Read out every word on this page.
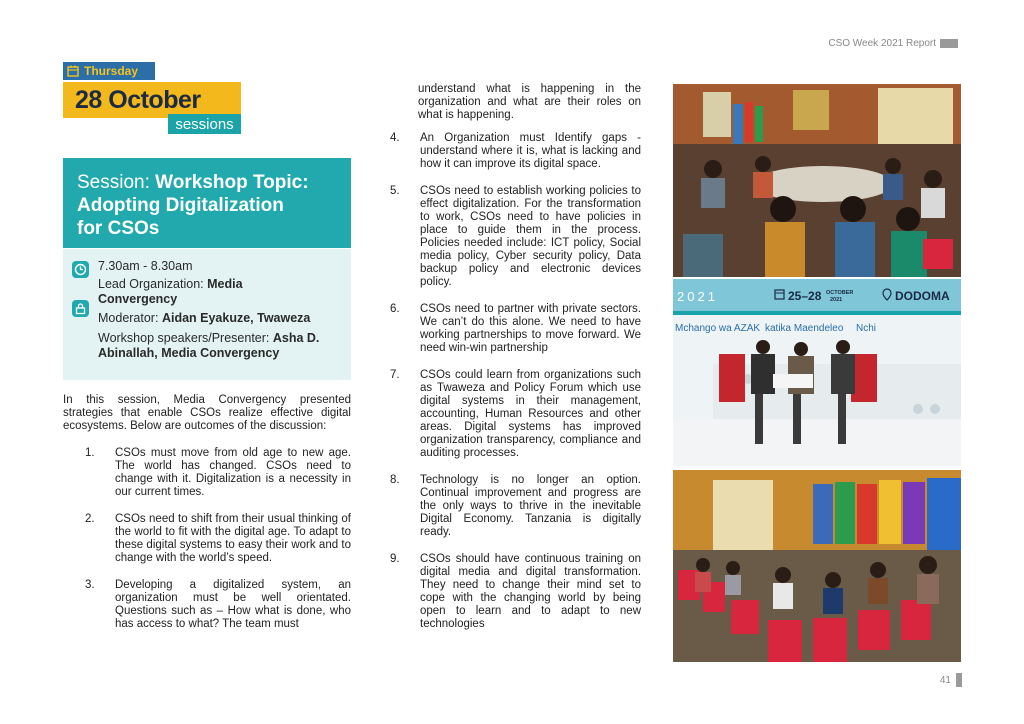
CSO Week 2021 Report
Thursday
28 October
sessions
Session: Workshop Topic:
Adopting Digitalization
for CSOs
7.30am - 8.30am
Lead Organization: Media
Convergency
Moderator: Aidan Eyakuze, Twaweza
Workshop speakers/Presenter: Asha D.
Abinallah, Media Convergency
In this session, Media Convergency presented strategies that enable CSOs realize effective digital ecosystems. Below are outcomes of the discussion:
1.	CSOs must move from old age to new age. The world has changed. CSOs need to change with it. Digitalization is a necessity in our current times.
2.	CSOs need to shift from their usual thinking of the world to fit with the digital age. To adapt to these digital systems to easy their work and to change with the world’s speed.
3.	Developing a digitalized system, an organization must be well orientated. Questions such as – How what is done, who has access to what? The team must
understand what is happening in the organization and what are their roles on what is happening.
4.	An Organization must Identify gaps - understand where it is, what is lacking and how it can improve its digital space.
5.	CSOs need to establish working policies to effect digitalization. For the transformation to work, CSOs need to have policies in place to guide them in the process. Policies needed include: ICT policy, Social media policy, Cyber security policy, Data backup policy and electronic devices policy.
6.	CSOs need to partner with private sectors. We can’t do this alone. We need to have working partnerships to move forward. We need win-win partnership
7.	CSOs could learn from organizations such as Twaweza and Policy Forum which use digital systems in their management, accounting, Human Resources and other areas. Digital systems has improved organization transparency, compliance and auditing processes.
8.	Technology is no longer an option. Continual improvement and progress are the only ways to thrive in the inevitable Digital Economy. Tanzania is digitally ready.
9.	CSOs should have continuous training on digital media and digital transformation. They need to change their mind set to cope with the changing world by being open to learn and to adapt to new technologies
2021	25–28 OCTOBER
2021	DODOMA
Mchango wa AZAK katika Maendeleo Nchi
41
